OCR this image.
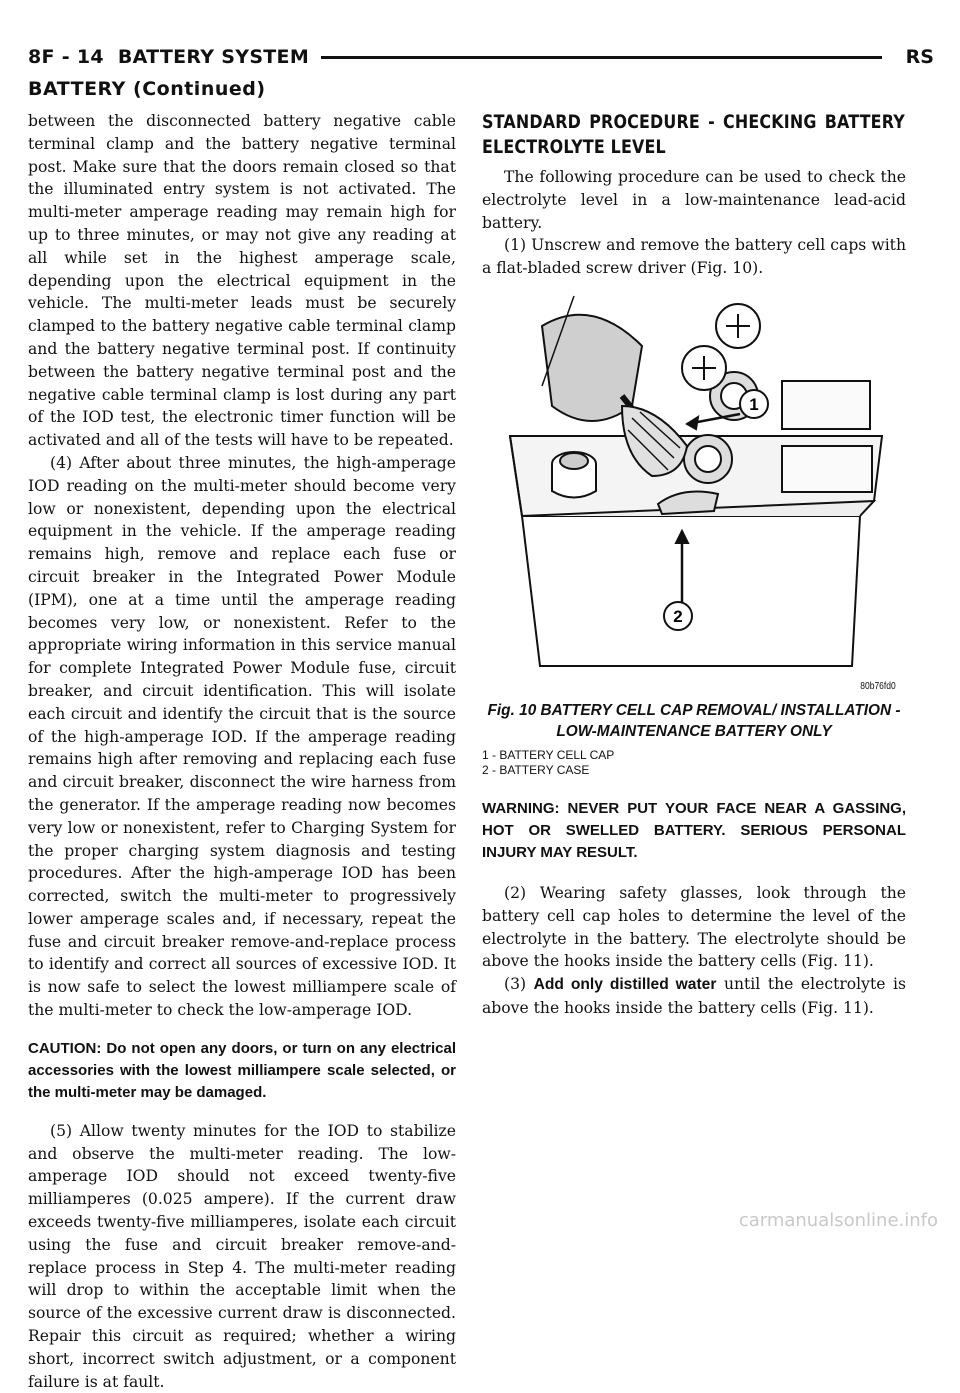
8F - 14 BATTERY SYSTEM	RS
BATTERY (Continued)

between the disconnected battery negative cable terminal clamp and the battery negative terminal post. Make sure that the doors remain closed so that the illuminated entry system is not activated. The multi-meter amperage reading may remain high for up to three minutes, or may not give any reading at all while set in the highest amperage scale, depending upon the electrical equipment in the vehicle. The multi-meter leads must be securely clamped to the battery negative cable terminal clamp and the battery negative terminal post. If continuity between the battery negative terminal post and the negative cable terminal clamp is lost during any part of the IOD test, the electronic timer function will be activated and all of the tests will have to be repeated.

(4) After about three minutes, the high-amperage IOD reading on the multi-meter should become very low or nonexistent, depending upon the electrical equipment in the vehicle. If the amperage reading remains high, remove and replace each fuse or circuit breaker in the Integrated Power Module (IPM), one at a time until the amperage reading becomes very low, or nonexistent. Refer to the appropriate wiring information in this service manual for complete Integrated Power Module fuse, circuit breaker, and circuit identification. This will isolate each circuit and identify the circuit that is the source of the high-amperage IOD. If the amperage reading remains high after removing and replacing each fuse and circuit breaker, disconnect the wire harness from the generator. If the amperage reading now becomes very low or nonexistent, refer to Charging System for the proper charging system diagnosis and testing procedures. After the high-amperage IOD has been corrected, switch the multi-meter to progressively lower amperage scales and, if necessary, repeat the fuse and circuit breaker remove-and-replace process to identify and correct all sources of excessive IOD. It is now safe to select the lowest milliampere scale of the multi-meter to check the low-amperage IOD.

CAUTION: Do not open any doors, or turn on any electrical accessories with the lowest milliampere scale selected, or the multi-meter may be damaged.

(5) Allow twenty minutes for the IOD to stabilize and observe the multi-meter reading. The low-amperage IOD should not exceed twenty-five milliamperes (0.025 ampere). If the current draw exceeds twenty-five milliamperes, isolate each circuit using the fuse and circuit breaker remove-and-replace process in Step 4. The multi-meter reading will drop to within the acceptable limit when the source of the excessive current draw is disconnected. Repair this circuit as required; whether a wiring short, incorrect switch adjustment, or a component failure is at fault.

STANDARD PROCEDURE - CHECKING BATTERY ELECTROLYTE LEVEL

The following procedure can be used to check the electrolyte level in a low-maintenance lead-acid battery.

(1) Unscrew and remove the battery cell caps with a flat-bladed screw driver (Fig. 10).

1
2
80b76fd0
Fig. 10 BATTERY CELL CAP REMOVAL/ INSTALLATION - LOW-MAINTENANCE BATTERY ONLY
1 - BATTERY CELL CAP
2 - BATTERY CASE

WARNING: NEVER PUT YOUR FACE NEAR A GASSING, HOT OR SWELLED BATTERY. SERIOUS PERSONAL INJURY MAY RESULT.

(2) Wearing safety glasses, look through the battery cell cap holes to determine the level of the electrolyte in the battery. The electrolyte should be above the hooks inside the battery cells (Fig. 11).

(3) Add only distilled water until the electrolyte is above the hooks inside the battery cells (Fig. 11).

carmanualsonline.info
